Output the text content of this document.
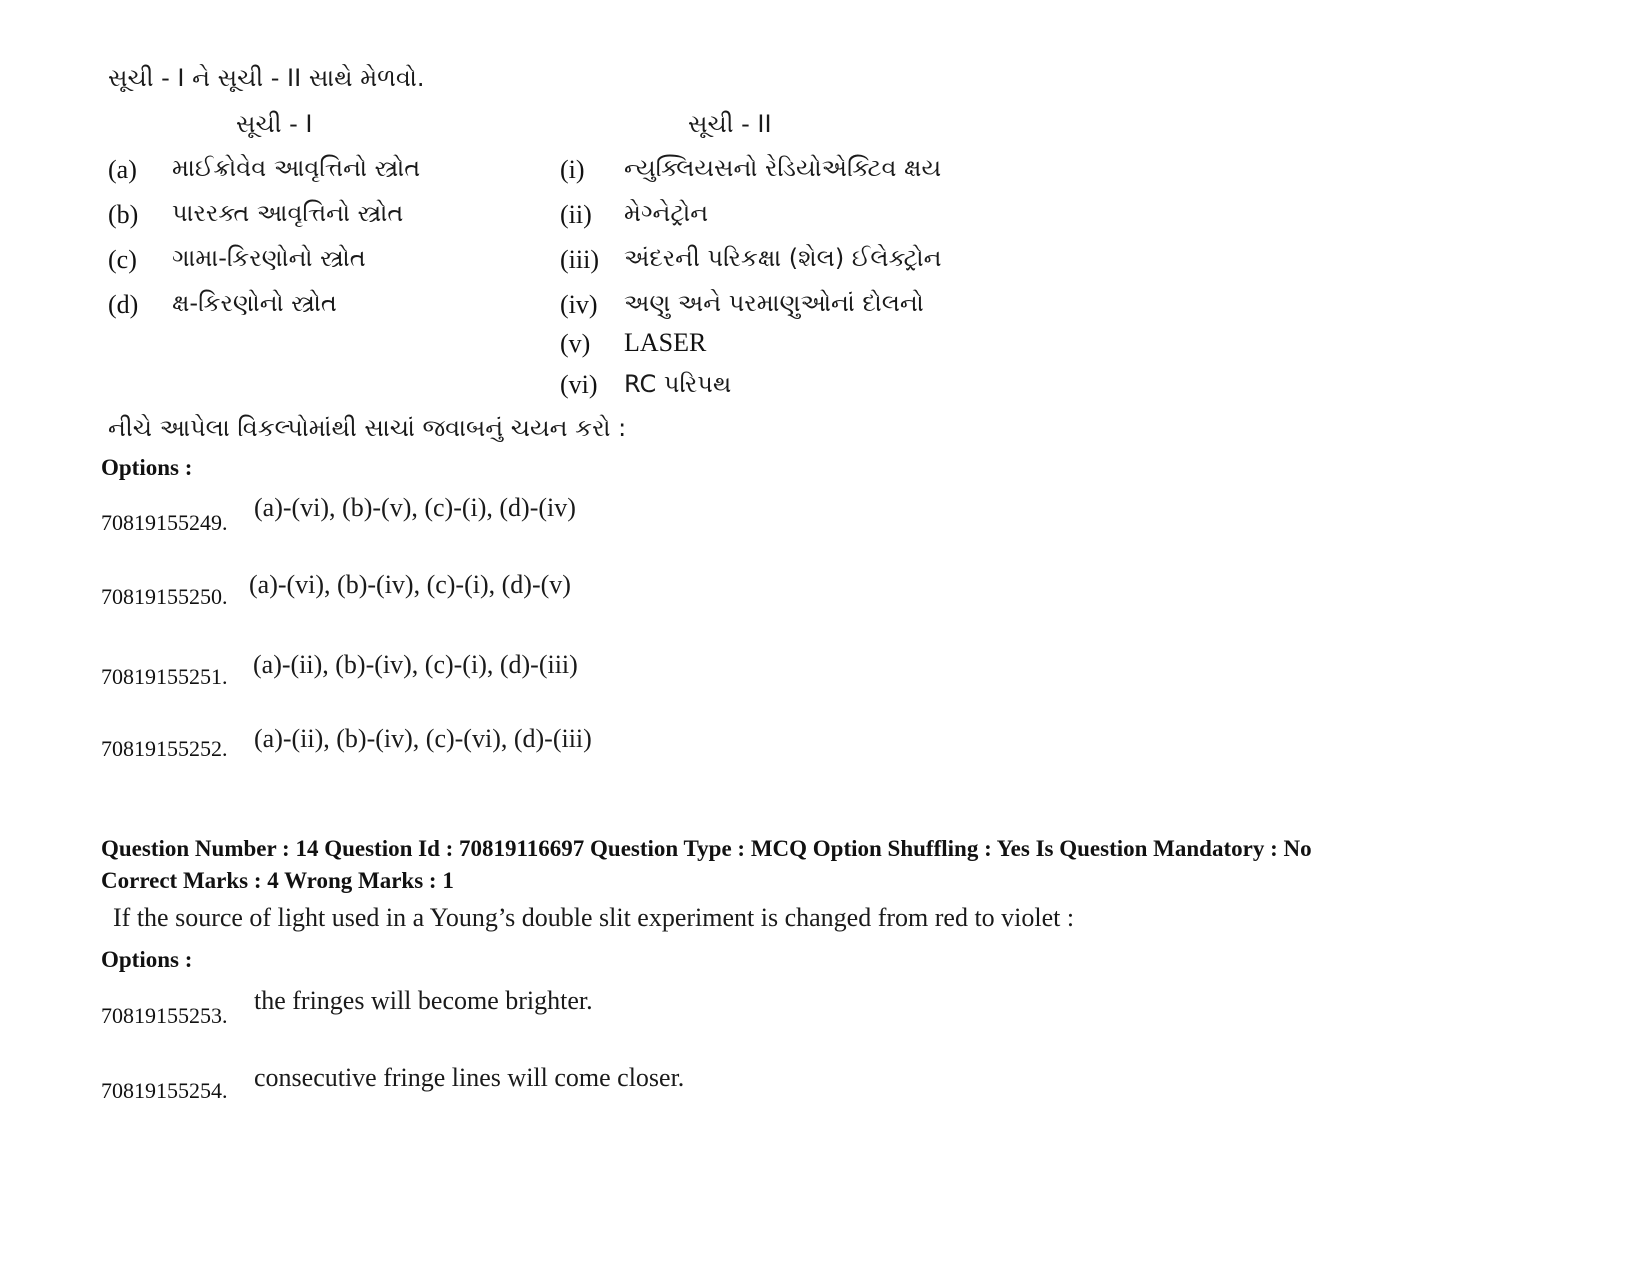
સૂચી - I ને સૂચી - II સાથે મેળવો.
સૂચી - I	સૂચી - II
(a) માઈક્રોવેવ આવૃત્તિનો સ્ત્રોત
(b) પારરક્ત આવૃત્તિનો સ્ત્રોત
(c) ગામા-કિરણોનો સ્ત્રોત
(d) ક્ષ-કિરણોનો સ્ત્રોત
(i) ન્યુક્લિયસનો રેડિયોએક્ટિવ ક્ષય
(ii) મેગ્નેટ્રોન
(iii) અંદરની પરિકક્ષા (શેલ) ઈલેક્ટ્રોન
(iv) અણુ અને પરમાણુઓનાં દોલનો
(v) LASER
(vi) RC પરિપથ
નીચે આપેલા વિકલ્પોમાંથી સાચાં જવાબનું ચયન કરો :
Options :
70819155249.
(a)-(vi), (b)-(v), (c)-(i), (d)-(iv)
70819155250. (a)-(vi), (b)-(iv), (c)-(i), (d)-(v)
70819155251. (a)-(ii), (b)-(iv), (c)-(i), (d)-(iii)
70819155252. (a)-(ii), (b)-(iv), (c)-(vi), (d)-(iii)
Question Number : 14 Question Id : 70819116697 Question Type : MCQ Option Shuffling : Yes Is Question Mandatory : No
Correct Marks : 4 Wrong Marks : 1
If the source of light used in a Young’s double slit experiment is changed from red to violet :
Options :
70819155253.
the fringes will become brighter.
70819155254. consecutive fringe lines will come closer.
